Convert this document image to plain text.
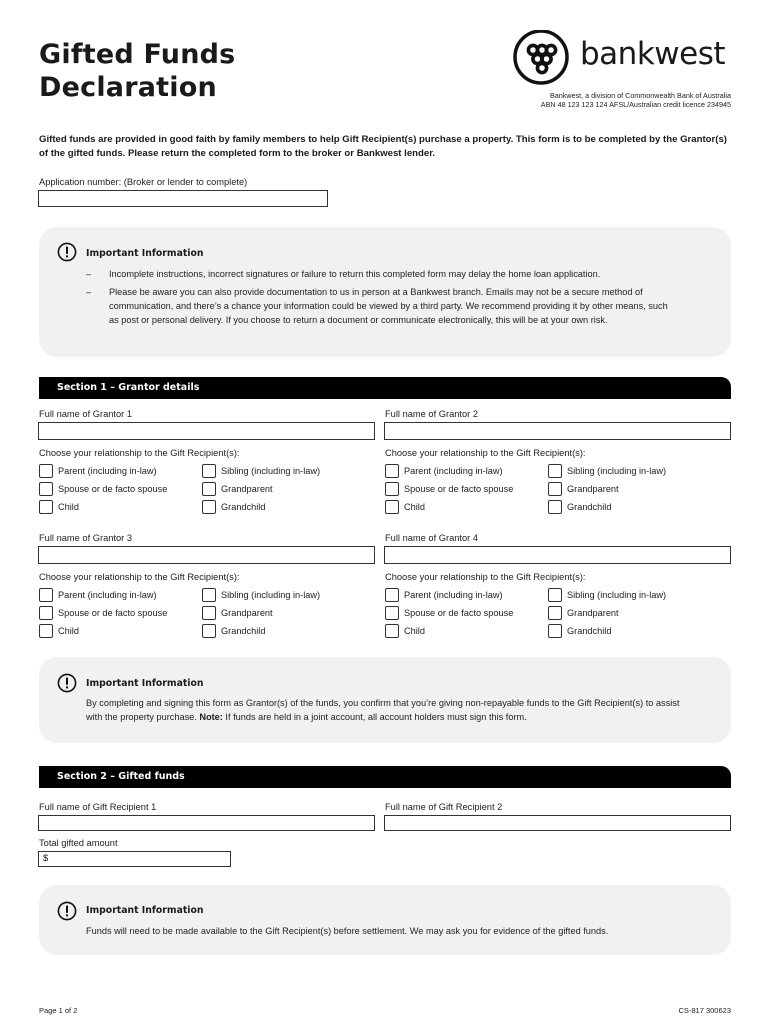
Gifted Funds
Declaration
bankwest
Bankwest, a division of Commonwealth Bank of Australia
ABN 48 123 123 124 AFSL/Australian credit licence 234945
Gifted funds are provided in good faith by family members to help Gift Recipient(s) purchase a property. This form is to be completed by the Grantor(s) of the gifted funds. Please return the completed form to the broker or Bankwest lender.
Application number: (Broker or lender to complete)
Important Information
– Incomplete instructions, incorrect signatures or failure to return this completed form may delay the home loan application.
– Please be aware you can also provide documentation to us in person at a Bankwest branch. Emails may not be a secure method of communication, and there’s a chance your information could be viewed by a third party. We recommend providing it by other means, such as post or personal delivery. If you choose to return a document or communicate electronically, this will be at your own risk.
Section 1 – Grantor details
Full name of Grantor 1
Choose your relationship to the Gift Recipient(s):
Parent (including in-law)	Sibling (including in-law)
Spouse or de facto spouse	Grandparent
Child	Grandchild
Full name of Grantor 2
Choose your relationship to the Gift Recipient(s):
Parent (including in-law)	Sibling (including in-law)
Spouse or de facto spouse	Grandparent
Child	Grandchild
Full name of Grantor 3
Choose your relationship to the Gift Recipient(s):
Parent (including in-law)	Sibling (including in-law)
Spouse or de facto spouse	Grandparent
Child	Grandchild
Full name of Grantor 4
Choose your relationship to the Gift Recipient(s):
Parent (including in-law)	Sibling (including in-law)
Spouse or de facto spouse	Grandparent
Child	Grandchild
Important Information
By completing and signing this form as Grantor(s) of the funds, you confirm that you’re giving non-repayable funds to the Gift Recipient(s) to assist with the property purchase. Note: If funds are held in a joint account, all account holders must sign this form.
Section 2 – Gifted funds
Full name of Gift Recipient 1	Full name of Gift Recipient 2
Total gifted amount
$
Important Information
Funds will need to be made available to the Gift Recipient(s) before settlement. We may ask you for evidence of the gifted funds.
Page 1 of 2	CS-817 300623
